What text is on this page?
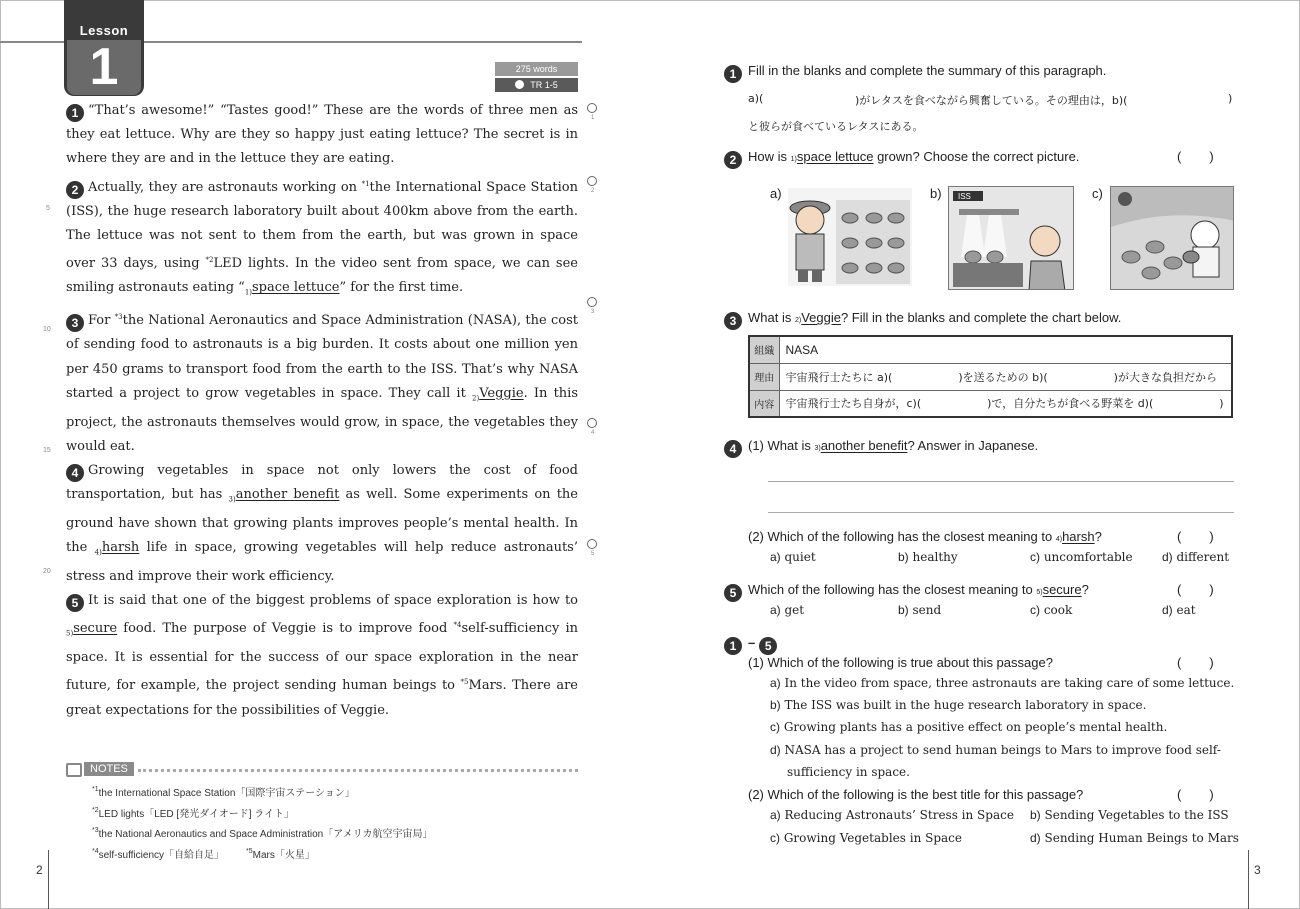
2	3
Lesson
1	275 words
TR 1-5

1 “That’s awesome!” “Tastes good!” These are the words of three men as they eat lettuce. Why are they so happy just eating lettuce? The secret is in where they are and in the lettuce they are eating.

2 Actually, they are astronauts working on $^{*1}$the International Space Station (ISS), the huge research laboratory built about 400km above from the earth. The lettuce was not sent to them from the earth, but was grown in space over 33 days, using $^{*2}$LED lights. In the video sent from space, we can see smiling astronauts eating “$_{1)}space$ lettuce” for the first time.

3 For $^{*3}$the National Aeronautics and Space Administration (NASA), the cost of sending food to astronauts is a big burden. It costs about one million yen per 450 grams to transport food from the earth to the ISS. That’s why NASA started a project to grow vegetables in space. They call it $_{2)}$Veggie. In this project, the astronauts themselves would grow, in space, the vegetables they would eat.

4 Growing vegetables in space not only lowers the cost of food transportation, but has $_{3)}$another benefit as well. Some experiments on the ground have shown that growing plants improves people’s mental health. In the $_{4)}$harsh life in space, growing vegetables will help reduce astronauts’ stress and improve their work efficiency.

5 It is said that one of the biggest problems of space exploration is how to $_{5)}$secure food. The purpose of Veggie is to improve food $^{*4}$self-sufficiency in space. It is essential for the success of our space exploration in the near future, for example, the project sending human beings to $^{*5}$Mars. There are great expectations for the possibilities of Veggie.

5
10
15
20
1
2
3
4
5
NOTES
$^{*1}$the International Space Station「国際宇宙ステーション」
$^{*2}$LED lights「LED [発光ダイオード] ライト」
$^{*3}$the National Aeronautics and Space Administration「アメリカ航空宇宙局」
$^{*4}$self-sufficiency「自給自足」	$^{*5}$Mars「火星」
1 Fill in the blanks and complete the summary of this paragraph.
a)(	)がレタスを食べながら興奮している。その理由は，b)(	)
と彼らが食べているレタスにある。
2 How is 1)space lettuce grown? Choose the correct picture.	()
a)	b) ISS	c)
3 What is 2)Veggie? Fill in the blanks and complete the chart below.
組織	NASA
理由	宇宙飛行士たちに a)(　　　　　　)を送るための b)(　　　　　　)が大きな負担だから
内容	宇宙飛行士たち自身が，c)(　　　　　　)で，自分たちが食べる野菜を d)(　　　　　　)
4 (1) What is 3)another benefit? Answer in Japanese.
(2) Which of the following has the closest meaning to 4)harsh?	()
a) quiet	b) healthy	c) uncomfortable d) different
5 Which of the following has the closest meaning to 5)secure?	()
a) get	b) send	c) cook	d) eat
1 – 5
(1) Which of the following is true about this passage?	()
a) In the video from space, three astronauts are taking care of some lettuce.
b) The ISS was built in the huge research laboratory in space.
c) Growing plants has a positive effect on people’s mental health.
d) NASA has a project to send human beings to Mars to improve food self-
sufficiency in space.
(2) Which of the following is the best title for this passage?	()
a) Reducing Astronauts’ Stress in Space b) Sending Vegetables to the ISS
c) Growing Vegetables in Space	d) Sending Human Beings to Mars
